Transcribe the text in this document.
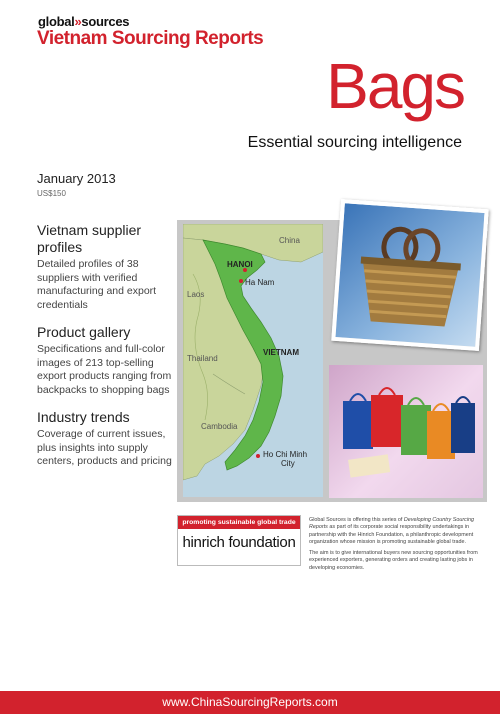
global»sources
Vietnam Sourcing Reports
Bags
Essential sourcing intelligence
January 2013
US$150
Vietnam supplier profiles

Detailed profiles of 38 suppliers with verified manufacturing and export credentials

Product gallery

Specifications and full-color images of 213 top-selling export products ranging from backpacks to shopping bags

Industry trends

Coverage of current issues, plus insights into supply centers, products and pricing

China
HANOI
Ha Nam
Laos
VIETNAM
Thailand
Cambodia
Ho Chi Minh
City
promoting sustainable global trade
hinrich foundation

Global Sources is offering this series of Developing Country Sourcing Reports as part of its corporate social responsibility undertakings in partnership with the Hinrich Foundation, a philanthropic development organization whose mission is promoting sustainable global trade.

The aim is to give international buyers new sourcing opportunities from experienced exporters, generating orders and creating lasting jobs in developing economies.

www.ChinaSourcingReports.com
